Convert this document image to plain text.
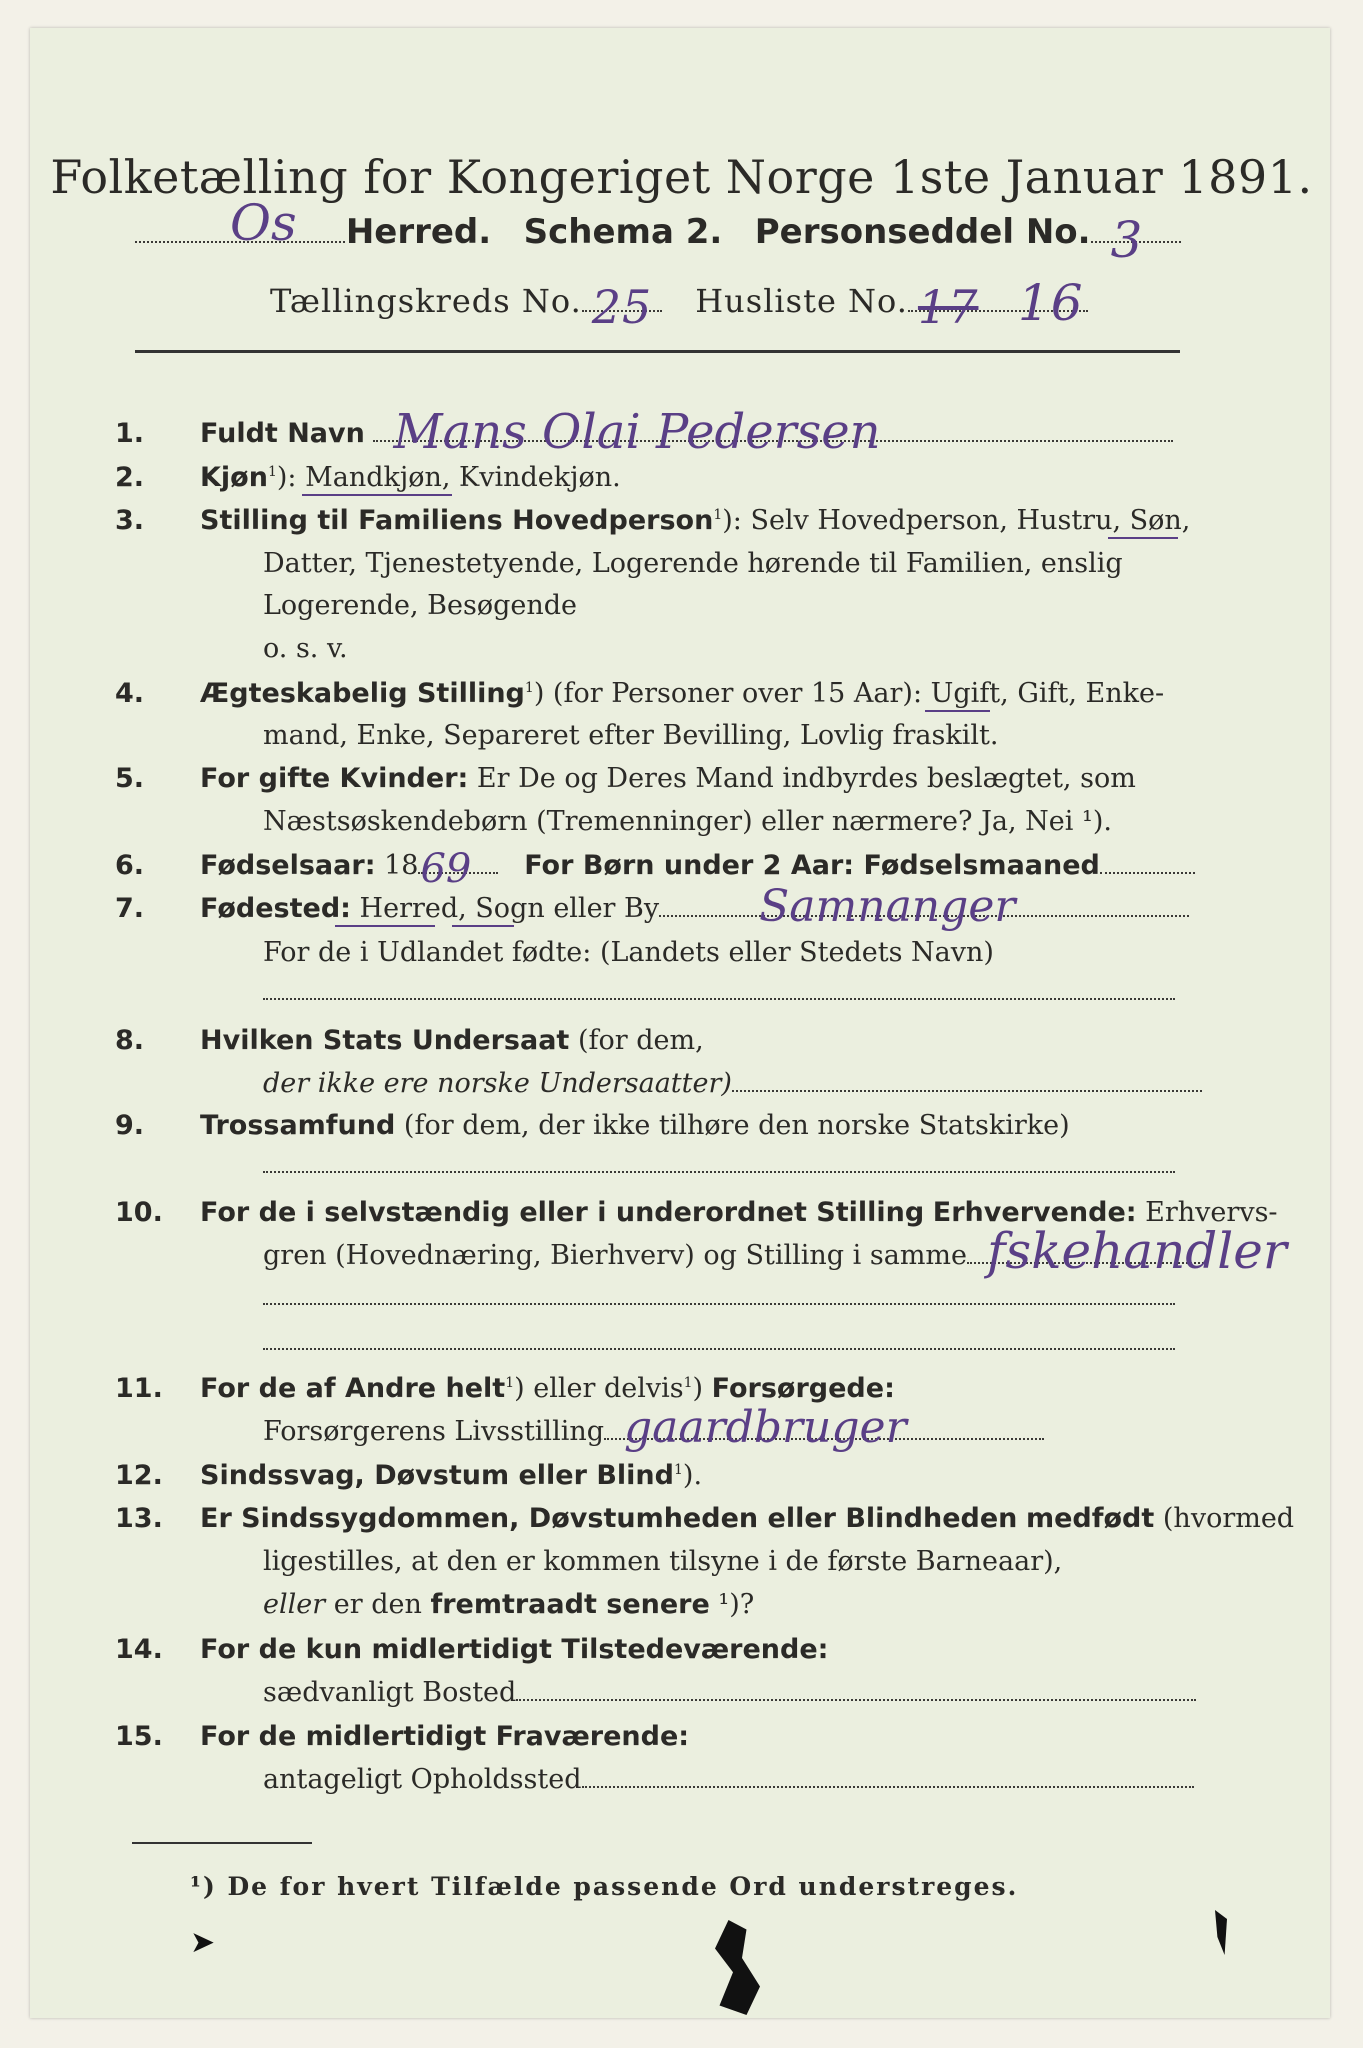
Folketælling for Kongeriget Norge 1ste Januar 1891.

Os Herred. Schema 2. Personseddel No. 3
Tællingskreds No. 25 Husliste No. 17 16
1.	Fuldt Navn Mans Olai Pedersen
2.	Kjøn$^1$): Mandkjøn, Kvindekjøn.
3.	Stilling til Familiens Hovedperson$^1$): Selv Hovedperson, Hustru, Søn,
Datter, Tjenestetyende, Logerende hørende til Familien, enslig
Logerende, Besøgende
o. s. v.
4.	Ægteskabelig Stilling$^1$) (for Personer over 15 Aar): Ugift, Gift, Enke-
mand, Enke, Separeret efter Bevilling, Lovlig fraskilt.
5.	For gifte Kvinder: Er De og Deres Mand indbyrdes beslægtet, som
Næstsøskendebørn (Tremenninger) eller nærmere? Ja, Nei ¹).
6.	Fødselsaar: 18 69 For Børn under 2 Aar: Fødselsmaaned
7.	Fødested: Herred, Sogn eller By Samnanger
For de i Udlandet fødte: (Landets eller Stedets Navn)
8.	Hvilken Stats Undersaat (for dem,
der ikke ere norske Undersaatter)
9.	Trossamfund (for dem, der ikke tilhøre den norske Statskirke)
10.	For de i selvstændig eller i underordnet Stilling Erhvervende: Erhvervs-
gren (Hovednæring, Bierhverv) og Stilling i samme fskehandler
11.	For de af Andre helt$^1$) eller delvis$^1$) Forsørgede:
Forsørgerens Livsstilling gaardbruger
12.	Sindssvag, Døvstum eller Blind$^1$).
13.	Er Sindssygdommen, Døvstumheden eller Blindheden medfødt (hvormed
ligestilles, at den er kommen tilsyne i de første Barneaar),
eller er den fremtraadt senere ¹)?
14.	For de kun midlertidigt Tilstedeværende:
sædvanligt Bosted
15.	For de midlertidigt Fraværende:
antageligt Opholdssted
¹) De for hvert Tilfælde passende Ord understreges.
➤
